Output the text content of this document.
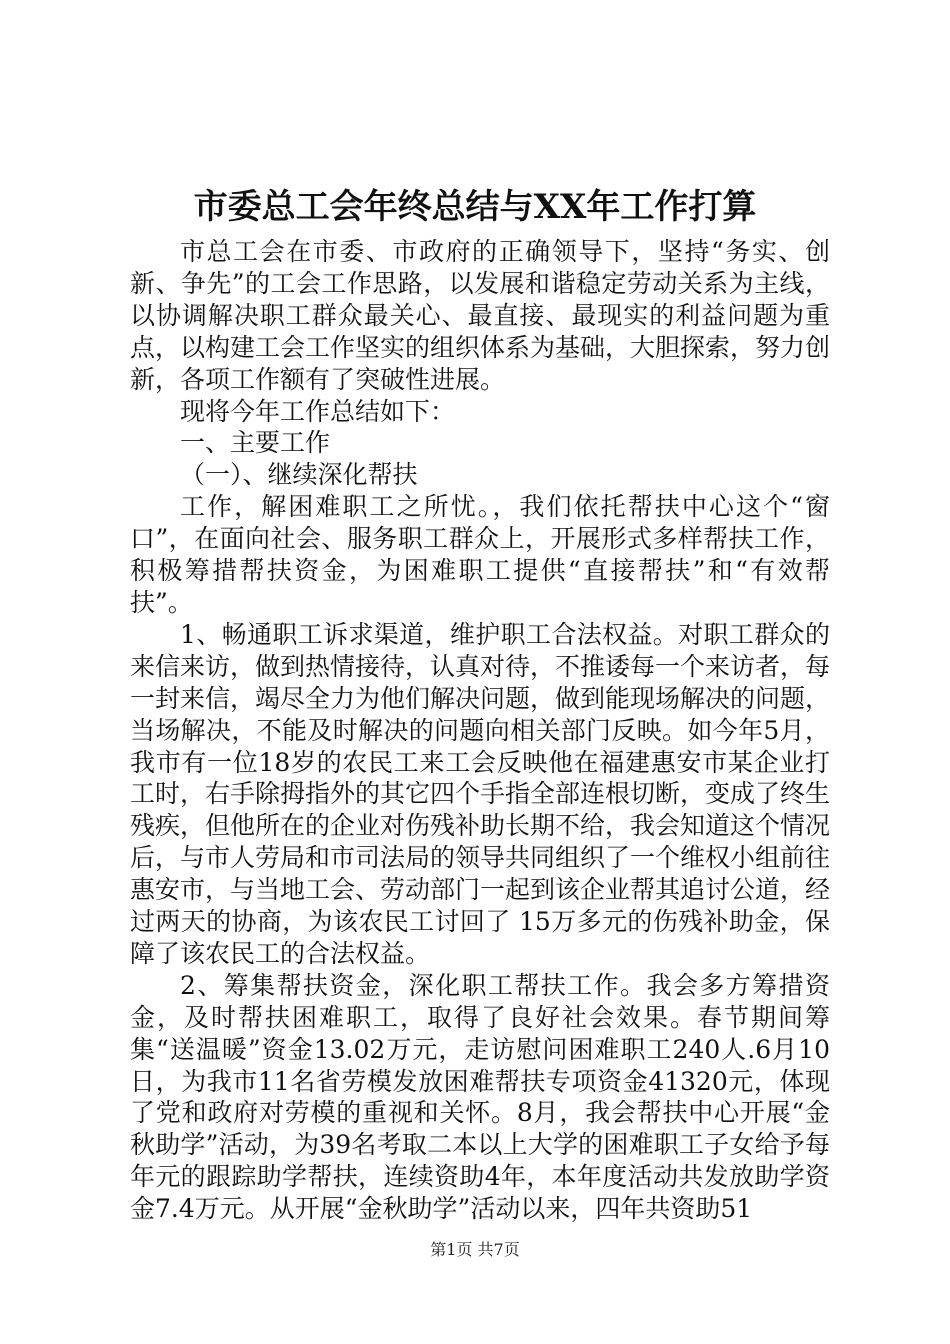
市委总工会年终总结与XX年工作打算

市总工会在市委、市政府的正确领导下，坚持“务实、创新、争先”的工会工作思路，以发展和谐稳定劳动关系为主线，以协调解决职工群众最关心、最直接、最现实的利益问题为重点，以构建工会工作坚实的组织体系为基础，大胆探索，努力创新，各项工作额有了突破性进展。

现将今年工作总结如下：

一、主要工作

（一）、继续深化帮扶

工作，解困难职工之所忧。，我们依托帮扶中心这个“窗口”，在面向社会、服务职工群众上，开展形式多样帮扶工作，积极筹措帮扶资金，为困难职工提供“直接帮扶”和“有效帮扶”。

1、畅通职工诉求渠道，维护职工合法权益。对职工群众的来信来访，做到热情接待，认真对待，不推诿每一个来访者，每一封来信，竭尽全力为他们解决问题，做到能现场解决的问题，当场解决，不能及时解决的问题向相关部门反映。如今年5月，我市有一位18岁的农民工来工会反映他在福建惠安市某企业打工时，右手除拇指外的其它四个手指全部连根切断，变成了终生残疾，但他所在的企业对伤残补助长期不给，我会知道这个情况后，与市人劳局和市司法局的领导共同组织了一个维权小组前往惠安市，与当地工会、劳动部门一起到该企业帮其追讨公道，经过两天的协商，为该农民工讨回了 15万多元的伤残补助金，保障了该农民工的合法权益。

2、筹集帮扶资金，深化职工帮扶工作。我会多方筹措资金，及时帮扶困难职工，取得了良好社会效果。春节期间筹集“送温暖”资金13.02万元，走访慰问困难职工240人.6月10日，为我市11名省劳模发放困难帮扶专项资金41320元，体现了党和政府对劳模的重视和关怀。8月，我会帮扶中心开展“金秋助学”活动，为39名考取二本以上大学的困难职工子女给予每年元的跟踪助学帮扶，连续资助4年，本年度活动共发放助学资金7.4万元。从开展“金秋助学”活动以来，四年共资助51

第1页 共7页
